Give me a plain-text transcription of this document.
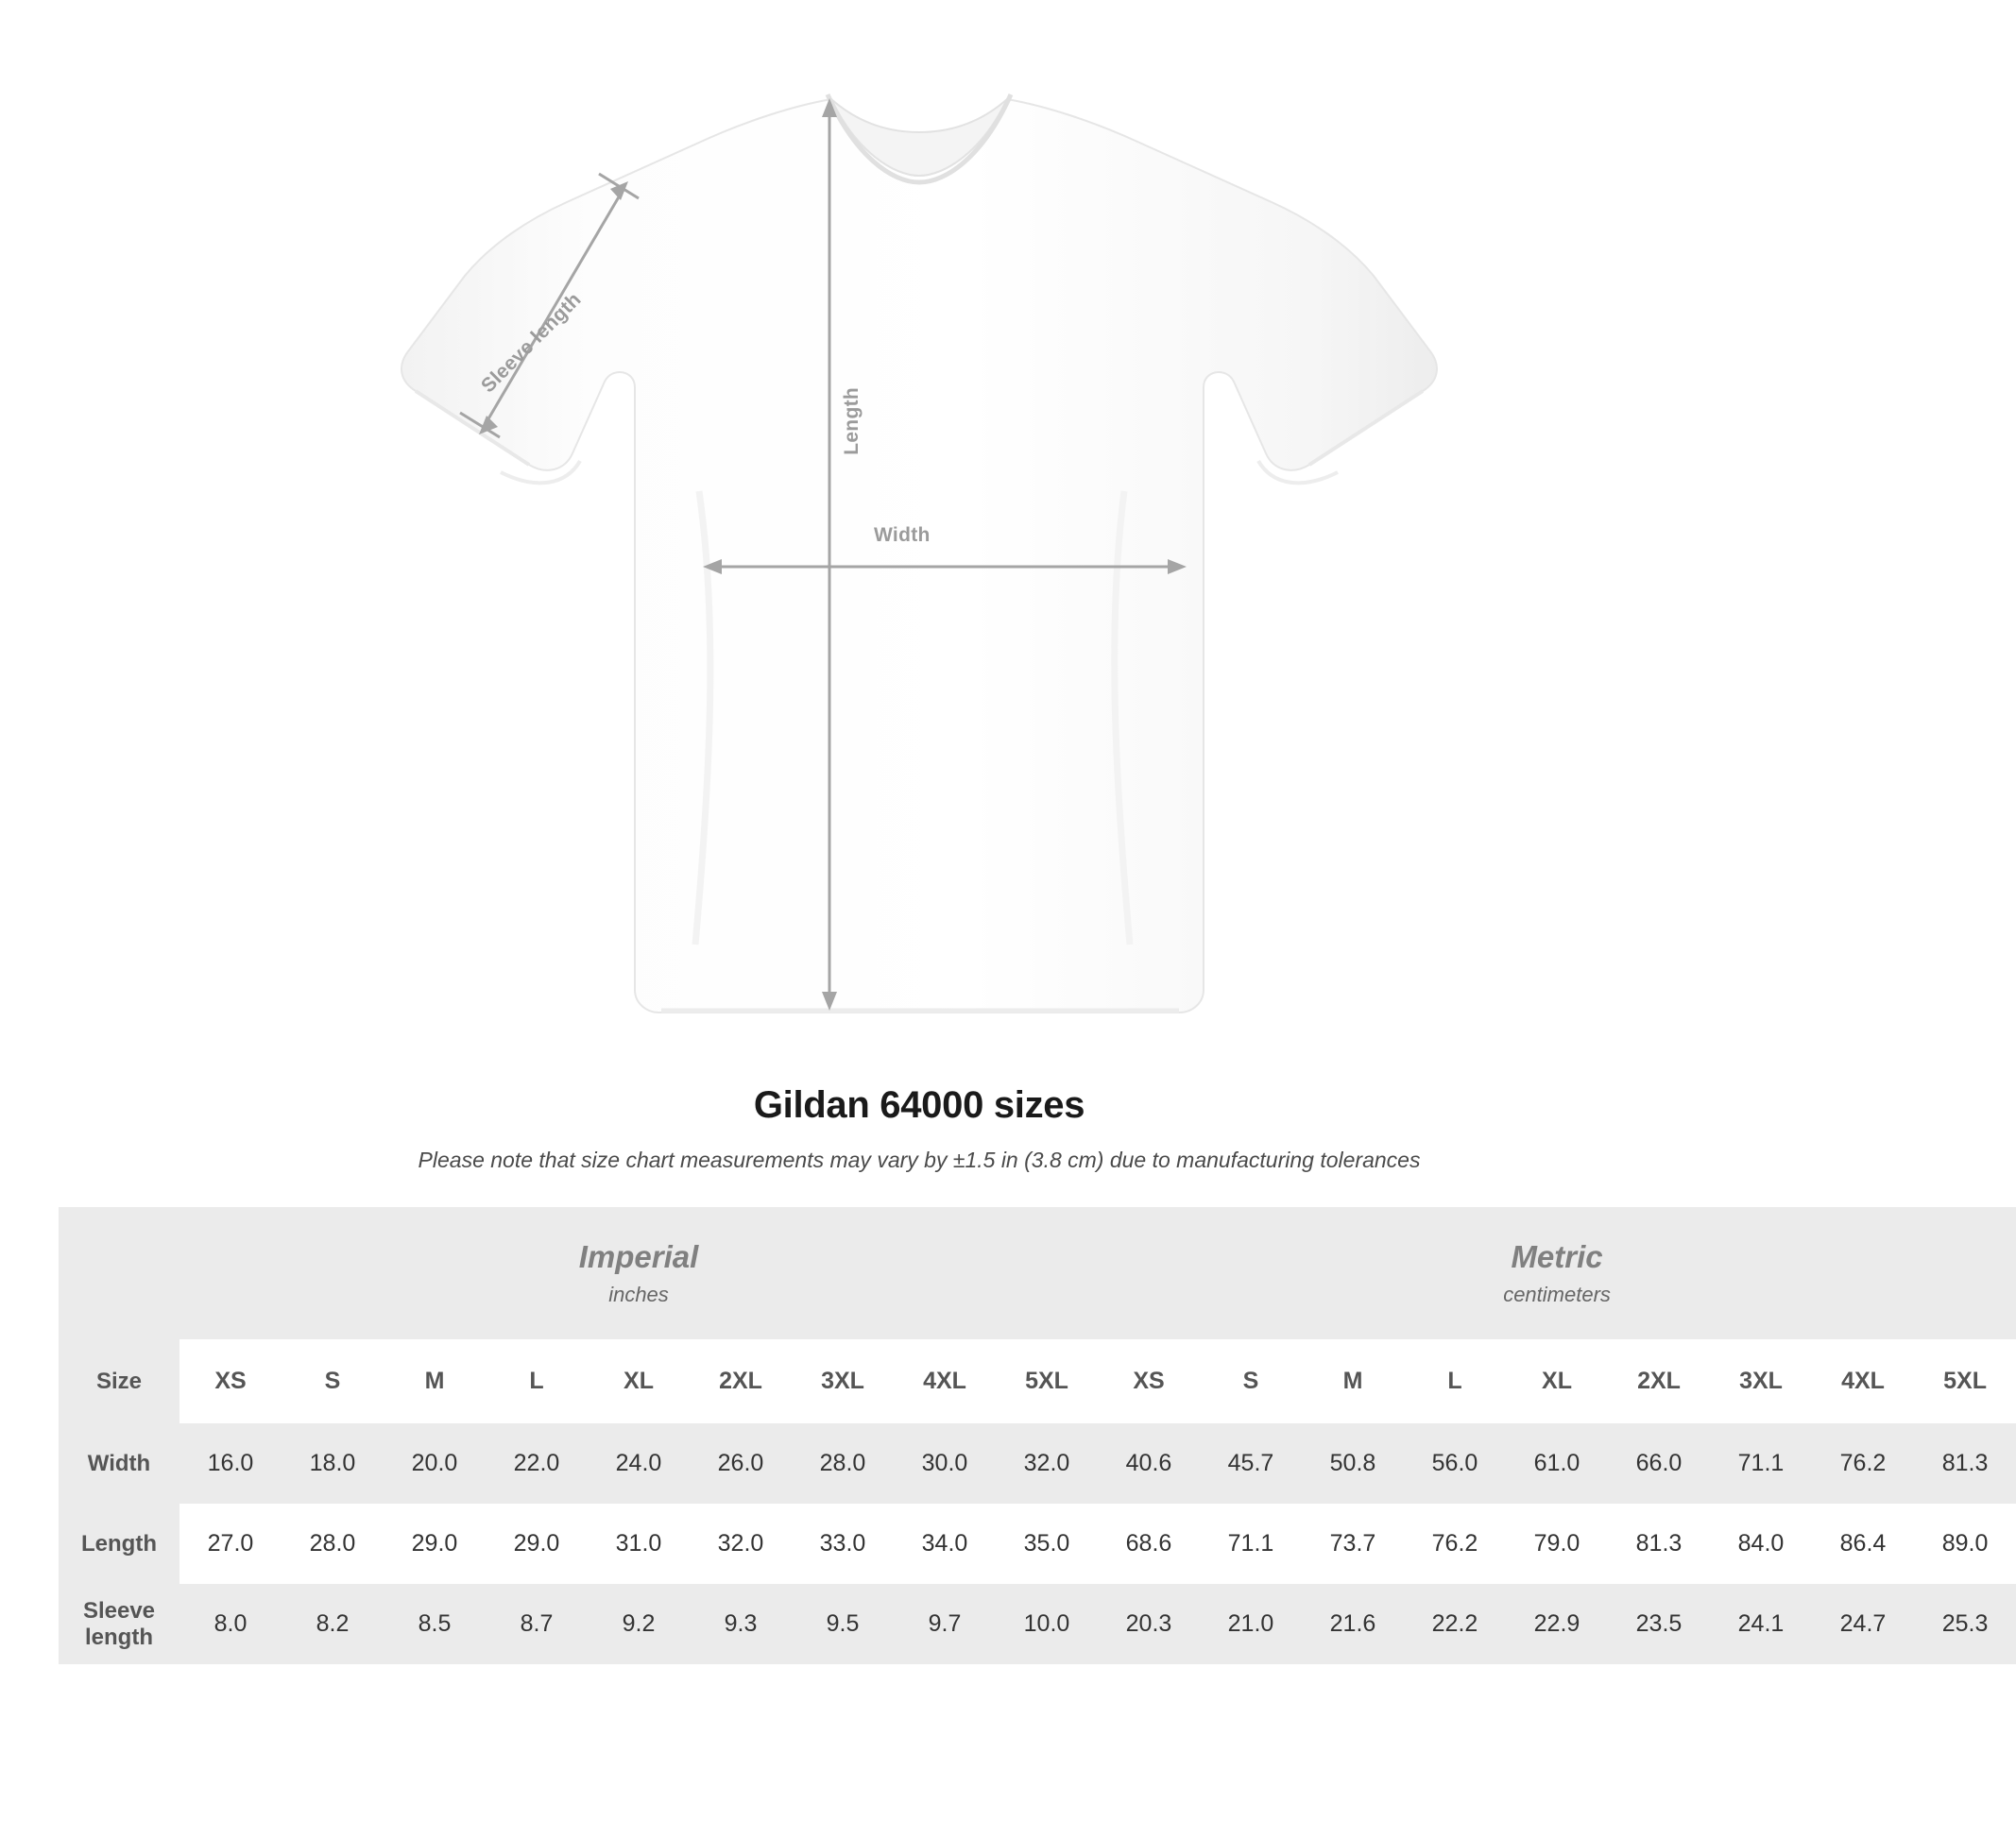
Length
Width
Sleeve length
Gildan 64000 sizes
Please note that size chart measurements may vary by ±1.5 in (3.8 cm) due to manufacturing tolerances

Imperial
inches

Metric
centimeters

Size	XS	S	M	L	XL	2XL	3XL	4XL	5XL	XS	S	M	L	XL	2XL	3XL	4XL	5XL
Width	16.0	18.0	20.0	22.0	24.0	26.0	28.0	30.0	32.0	40.6	45.7	50.8	56.0	61.0	66.0	71.1	76.2	81.3
Length	27.0	28.0	29.0	29.0	31.0	32.0	33.0	34.0	35.0	68.6	71.1	73.7	76.2	79.0	81.3	84.0	86.4	89.0
Sleeve length	8.0	8.2	8.5	8.7	9.2	9.3	9.5	9.7	10.0	20.3	21.0	21.6	22.2	22.9	23.5	24.1	24.7	25.3
